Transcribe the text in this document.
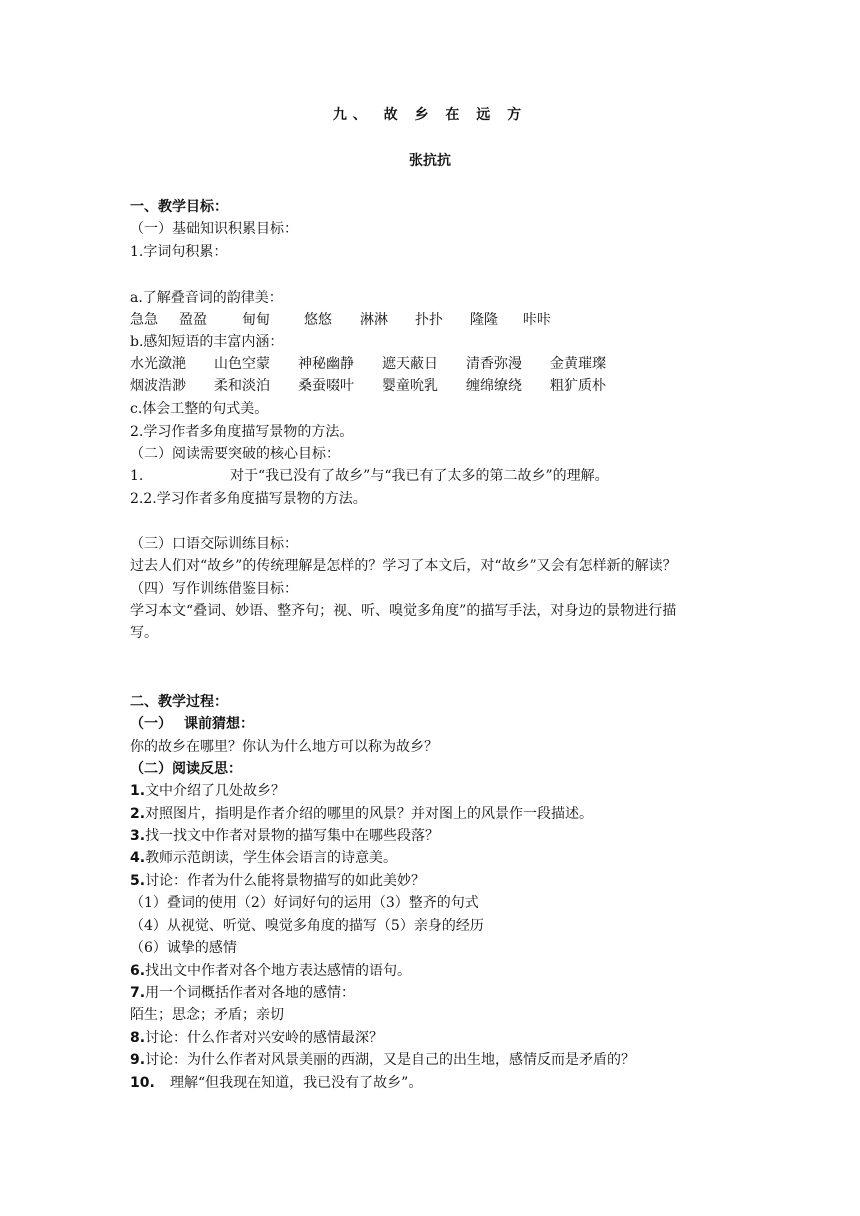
九、 故 乡 在 远 方
张抗抗
一、教学目标：
（一）基础知识积累目标：
1.字词句积累：
a.了解叠音词的韵律美：
急急	盈盈	甸甸	悠悠	淋淋	扑扑	隆隆	咔咔
b.感知短语的丰富内涵：
水光潋滟	山色空蒙	神秘幽静	遮天蔽日	清香弥漫	金黄璀璨
烟波浩渺	柔和淡泊	桑蚕啜叶	婴童吮乳	缠绵缭绕	粗犷质朴
c.体会工整的句式美。
2.学习作者多角度描写景物的方法。
（二）阅读需要突破的核心目标：
1.	对于“我已没有了故乡”与“我已有了太多的第二故乡”的理解。
2.2.学习作者多角度描写景物的方法。
（三）口语交际训练目标：
过去人们对“故乡”的传统理解是怎样的？学习了本文后，对“故乡”又会有怎样新的解读？
（四）写作训练借鉴目标：
学习本文“叠词、妙语、整齐句；视、听、嗅觉多角度”的描写手法，对身边的景物进行描
写。
二、教学过程：
（一） 课前猜想：
你的故乡在哪里？你认为什么地方可以称为故乡？
（二）阅读反思：
1.文中介绍了几处故乡？
2.对照图片，指明是作者介绍的哪里的风景？并对图上的风景作一段描述。
3.找一找文中作者对景物的描写集中在哪些段落？
4.教师示范朗读，学生体会语言的诗意美。
5.讨论：作者为什么能将景物描写的如此美妙？
（1）叠词的使用（2）好词好句的运用（3）整齐的句式
（4）从视觉、听觉、嗅觉多角度的描写（5）亲身的经历
（6）诚挚的感情
6.找出文中作者对各个地方表达感情的语句。
7.用一个词概括作者对各地的感情：
陌生；思念；矛盾；亲切
8.讨论：什么作者对兴安岭的感情最深？
9.讨论：为什么作者对风景美丽的西湖，又是自己的出生地，感情反而是矛盾的？
10. 理解“但我现在知道，我已没有了故乡”。
